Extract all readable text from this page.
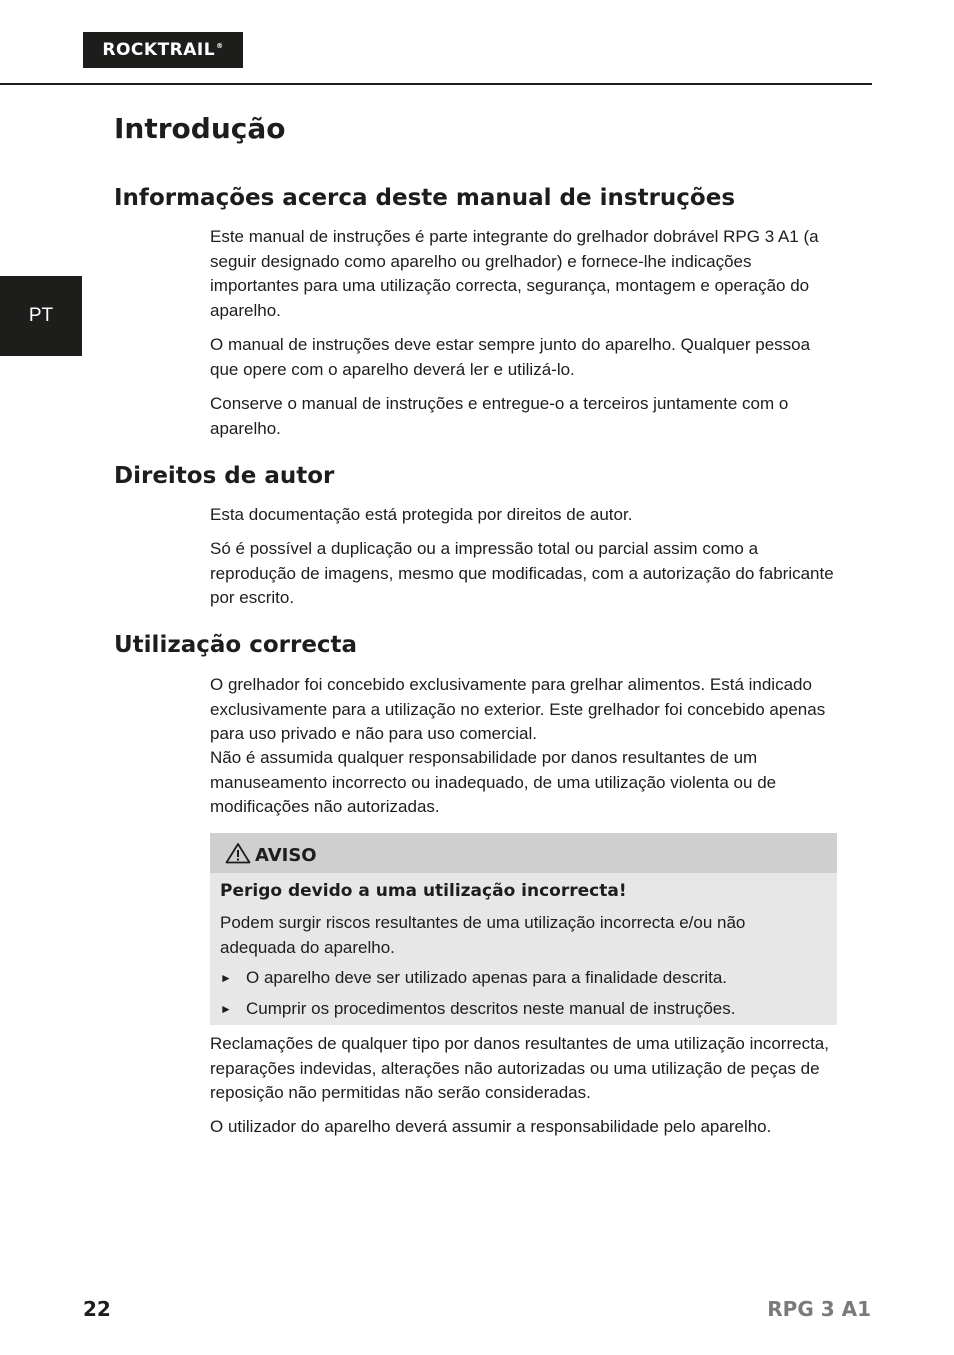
ROCKTRAIL®
PT
Introdução
Informações acerca deste manual de instruções

Este manual de instruções é parte integrante do grelhador dobrável RPG 3 A1 (a seguir designado como aparelho ou grelhador) e fornece-lhe indicações importantes para uma utilização correcta, segurança, montagem e operação do aparelho.

O manual de instruções deve estar sempre junto do aparelho. Qualquer pessoa que opere com o aparelho deverá ler e utilizá-lo.

Conserve o manual de instruções e entregue-o a terceiros juntamente com o aparelho.

Direitos de autor

Esta documentação está protegida por direitos de autor.

Só é possível a duplicação ou a impressão total ou parcial assim como a reprodução de imagens, mesmo que modificadas, com a autorização do fabricante por escrito.

Utilização correcta

O grelhador foi concebido exclusivamente para grelhar alimentos. Está indicado exclusivamente para a utilização no exterior. Este grelhador foi concebido apenas para uso privado e não para uso comercial.

Não é assumida qualquer responsabilidade por danos resultantes de um manuseamento incorrecto ou inadequado, de uma utilização violenta ou de modificações não autorizadas.

AVISO
Perigo devido a uma utilização incorrecta!

Podem surgir riscos resultantes de uma utilização incorrecta e/ou não adequada do aparelho.

► O aparelho deve ser utilizado apenas para a finalidade descrita.
► Cumprir os procedimentos descritos neste manual de instruções.

Reclamações de qualquer tipo por danos resultantes de uma utilização incorrecta, reparações indevidas, alterações não autorizadas ou uma utilização de peças de reposição não permitidas não serão consideradas.

O utilizador do aparelho deverá assumir a responsabilidade pelo aparelho.

22	RPG 3 A1
